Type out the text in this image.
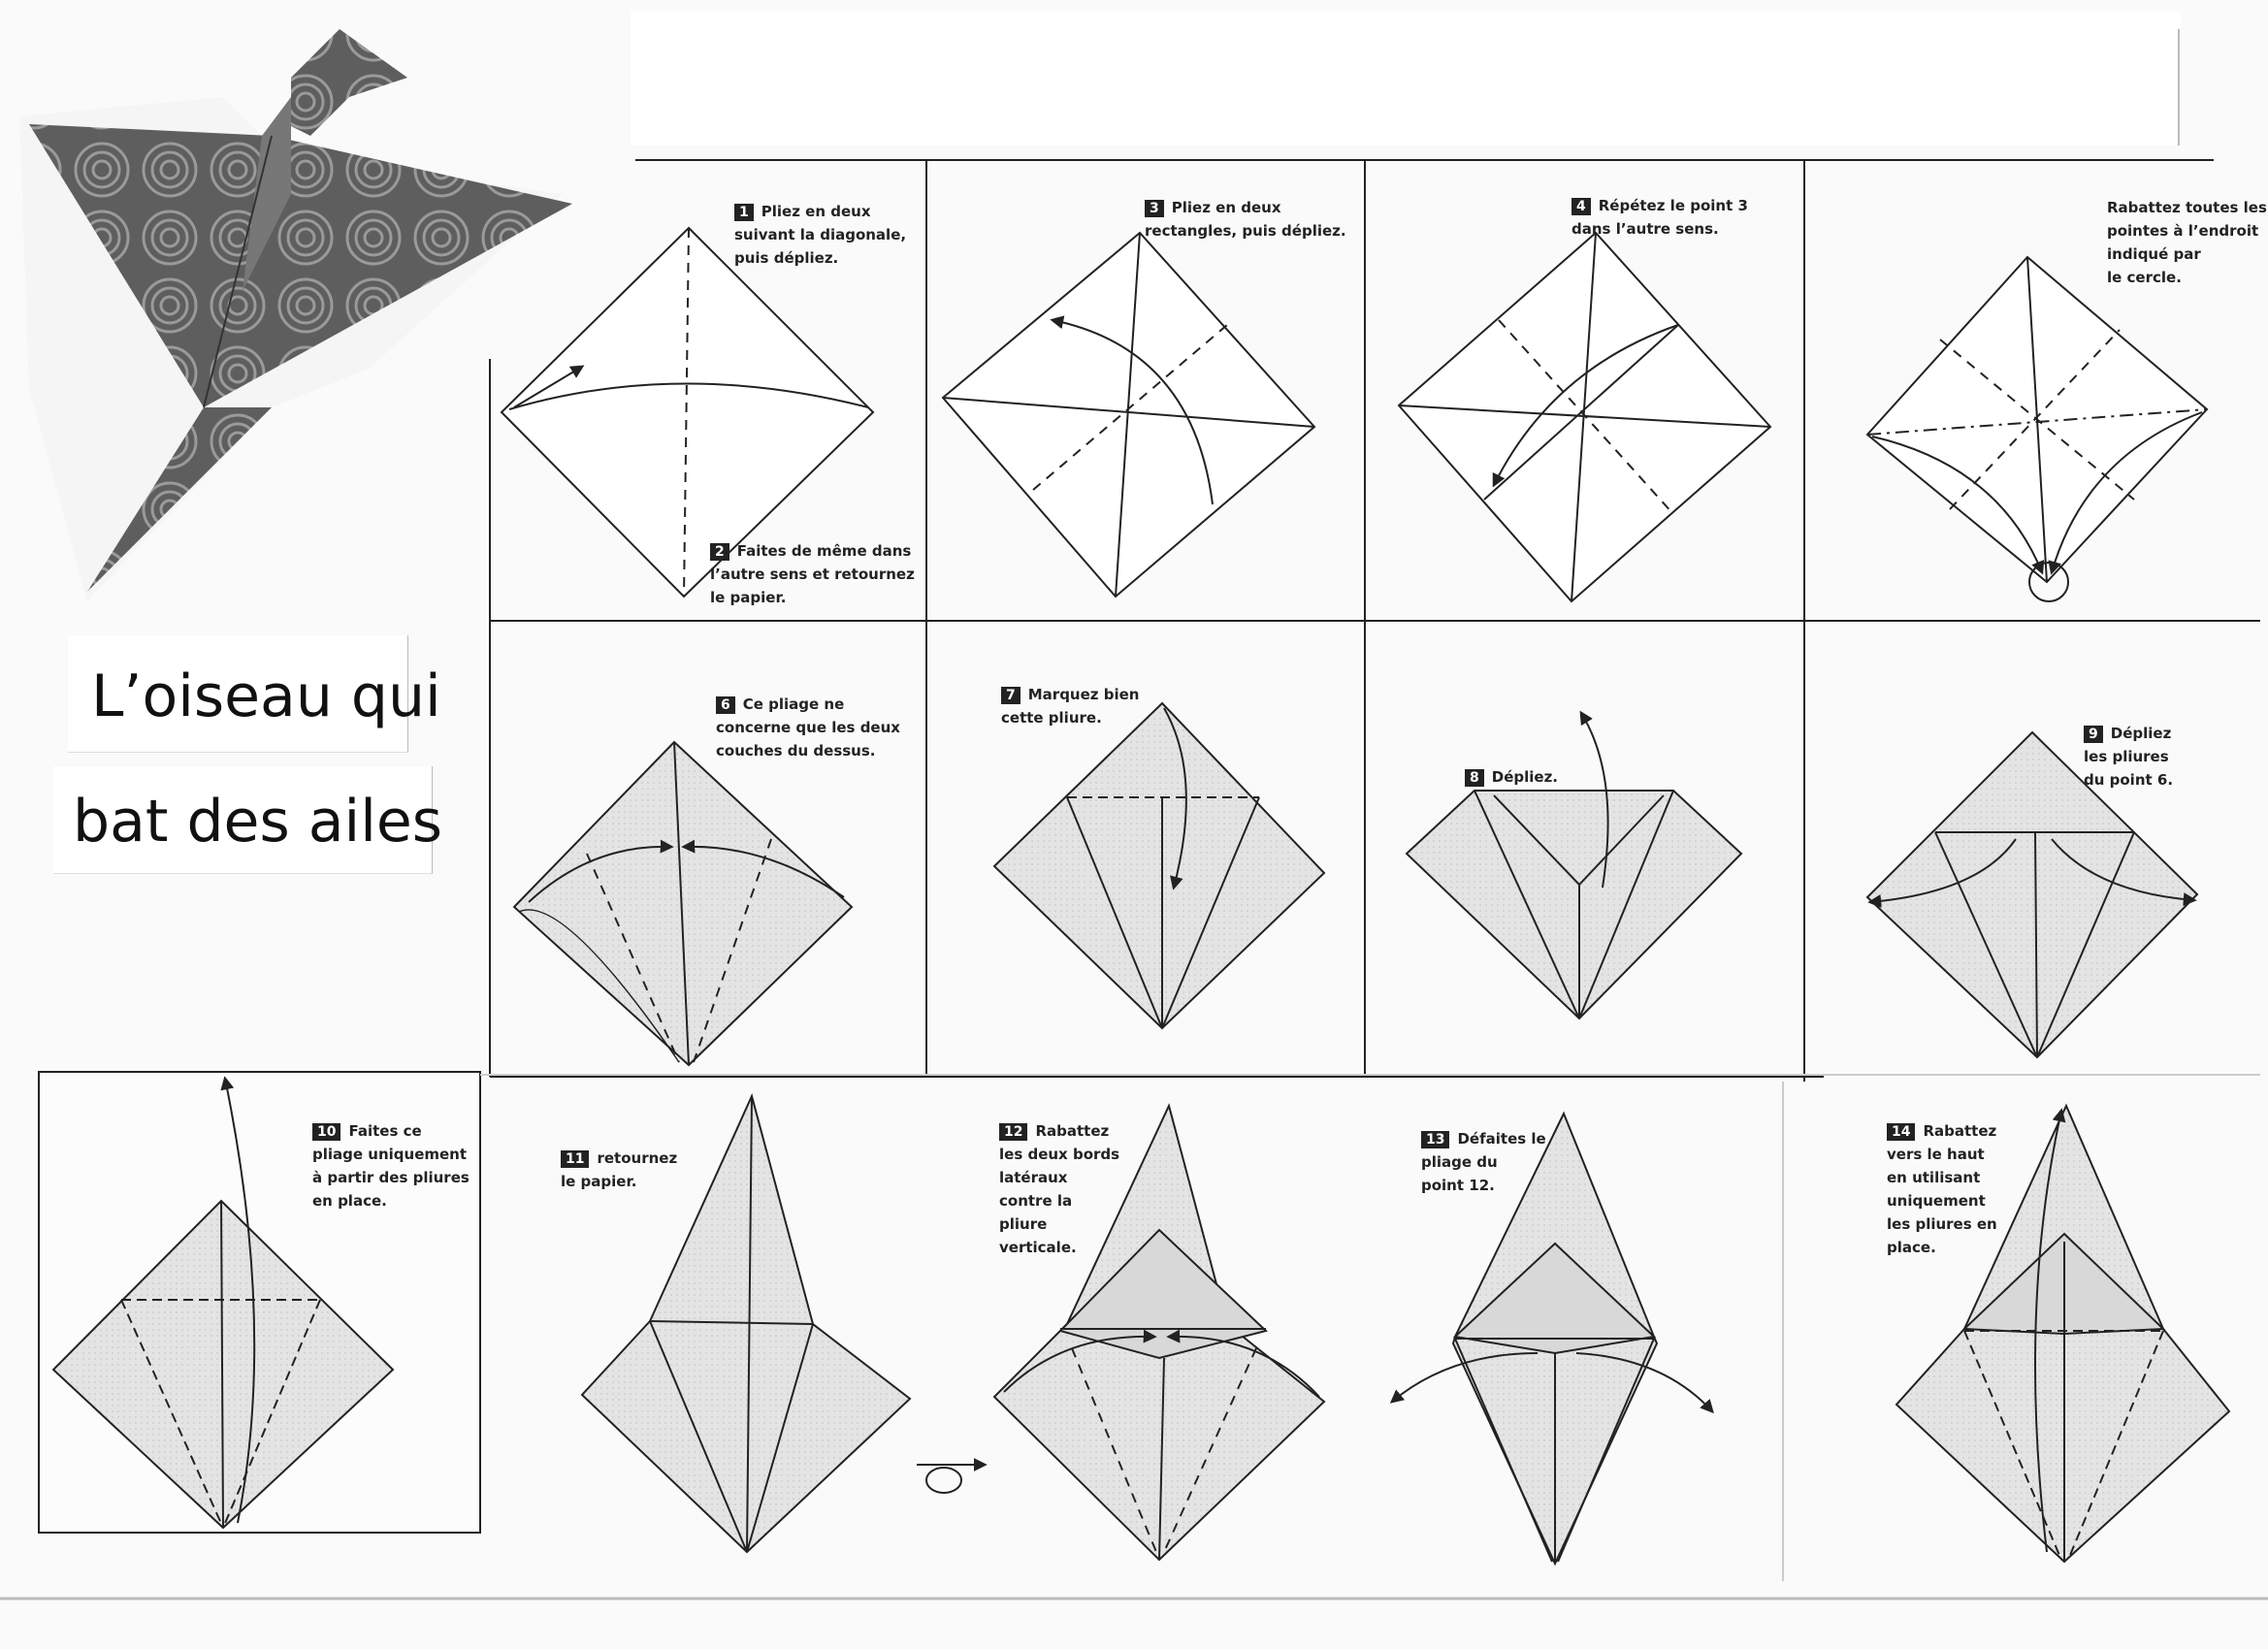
L’oiseau qui
bat des ailes

1 Pliez en deux
suivant la diagonale,
puis dépliez.

2 Faites de même dans
l’autre sens et retournez
le papier.

3 Pliez en deux
rectangles, puis dépliez.

4 Répétez le point 3
dans l’autre sens.

Rabattez toutes les
pointes à l’endroit
indiqué par
le cercle.

6 Ce pliage ne
concerne que les deux
couches du dessus.

7 Marquez bien
cette pliure.

8 Dépliez.

9 Dépliez
les pliures
du point 6.

10 Faites ce
pliage uniquement
à partir des pliures
en place.

11 retournez
le papier.

12 Rabattez
les deux bords
latéraux
contre la
pliure
verticale.

13 Défaites le
pliage du
point 12.

14 Rabattez
vers le haut
en utilisant
uniquement
les pliures en
place.
